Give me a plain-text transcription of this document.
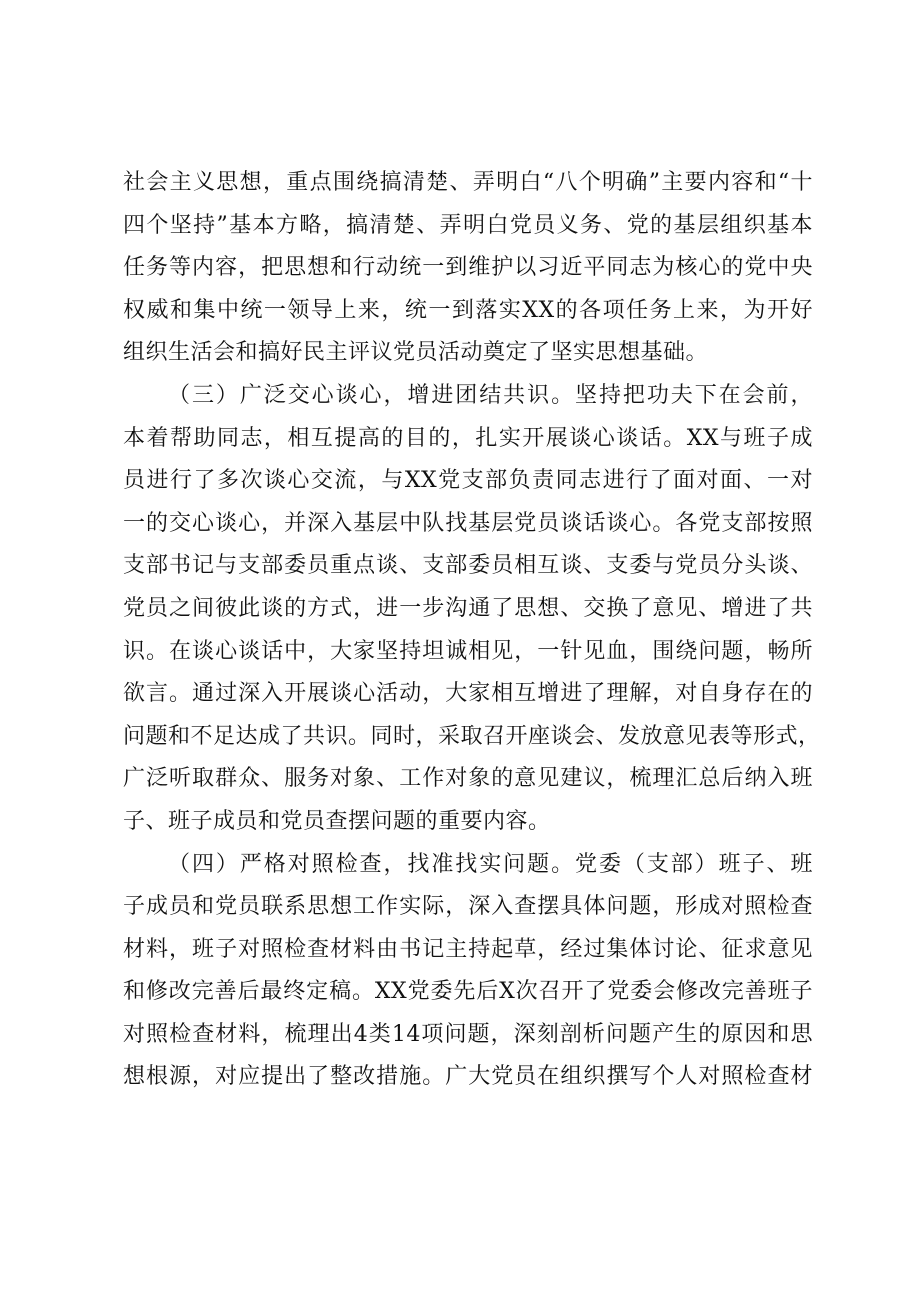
社会主义思想，重点围绕搞清楚、弄明白“八个明确”主要内容和“十
四个坚持”基本方略，搞清楚、弄明白党员义务、党的基层组织基本
任务等内容，把思想和行动统一到维护以习近平同志为核心的党中央
权威和集中统一领导上来，统一到落实XX的各项任务上来，为开好
组织生活会和搞好民主评议党员活动奠定了坚实思想基础。
（三）广泛交心谈心，增进团结共识。坚持把功夫下在会前，
本着帮助同志，相互提高的目的，扎实开展谈心谈话。XX与班子成
员进行了多次谈心交流，与XX党支部负责同志进行了面对面、一对
一的交心谈心，并深入基层中队找基层党员谈话谈心。各党支部按照
支部书记与支部委员重点谈、支部委员相互谈、支委与党员分头谈、
党员之间彼此谈的方式，进一步沟通了思想、交换了意见、增进了共
识。在谈心谈话中，大家坚持坦诚相见，一针见血，围绕问题，畅所
欲言。通过深入开展谈心活动，大家相互增进了理解，对自身存在的
问题和不足达成了共识。同时，采取召开座谈会、发放意见表等形式，
广泛听取群众、服务对象、工作对象的意见建议，梳理汇总后纳入班
子、班子成员和党员查摆问题的重要内容。
（四）严格对照检查，找准找实问题。党委（支部）班子、班
子成员和党员联系思想工作实际，深入查摆具体问题，形成对照检查
材料，班子对照检查材料由书记主持起草，经过集体讨论、征求意见
和修改完善后最终定稿。XX党委先后X次召开了党委会修改完善班子
对照检查材料，梳理出4类14项问题，深刻剖析问题产生的原因和思
想根源，对应提出了整改措施。广大党员在组织撰写个人对照检查材
